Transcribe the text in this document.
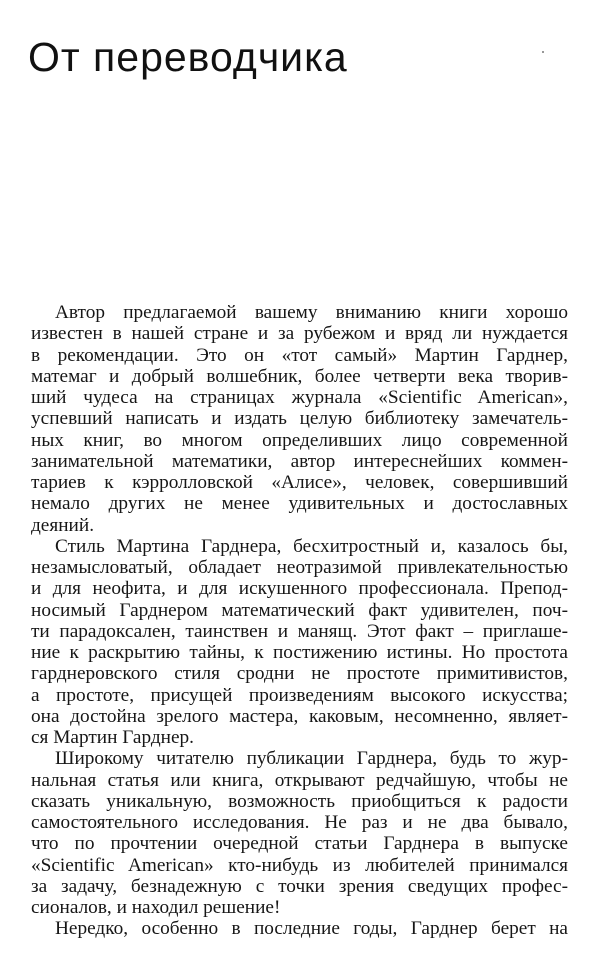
От переводчика
Автор предлагаемой вашему вниманию книги хорошо
известен в нашей стране и за рубежом и вряд ли нуждается
в рекомендации. Это он «тот самый» Мартин Гарднер,
матемаг и добрый волшебник, более четверти века творив-
ший чудеса на страницах журнала «Scientific American»,
успевший написать и издать целую библиотеку замечатель-
ных книг, во многом определивших лицо современной
занимательной математики, автор интереснейших коммен-
тариев к кэрролловской «Алисе», человек, совершивший
немало других не менее удивительных и достославных
деяний.
Стиль Мартина Гарднера, бесхитростный и, казалось бы,
незамысловатый, обладает неотразимой привлекательностью
и для неофита, и для искушенного профессионала. Препод-
носимый Гарднером математический факт удивителен, поч-
ти парадоксален, таинствен и манящ. Этот факт – приглаше-
ние к раскрытию тайны, к постижению истины. Но простота
гарднеровского стиля сродни не простоте примитивистов,
а простоте, присущей произведениям высокого искусства;
она достойна зрелого мастера, каковым, несомненно, являет-
ся Мартин Гарднер.
Широкому читателю публикации Гарднера, будь то жур-
нальная статья или книга, открывают редчайшую, чтобы не
сказать уникальную, возможность приобщиться к радости
самостоятельного исследования. Не раз и не два бывало,
что по прочтении очередной статьи Гарднера в выпуске
«Scientific American» кто-нибудь из любителей принимался
за задачу, безнадежную с точки зрения сведущих профес-
сионалов, и находил решение!
Нередко, особенно в последние годы, Гарднер берет на
